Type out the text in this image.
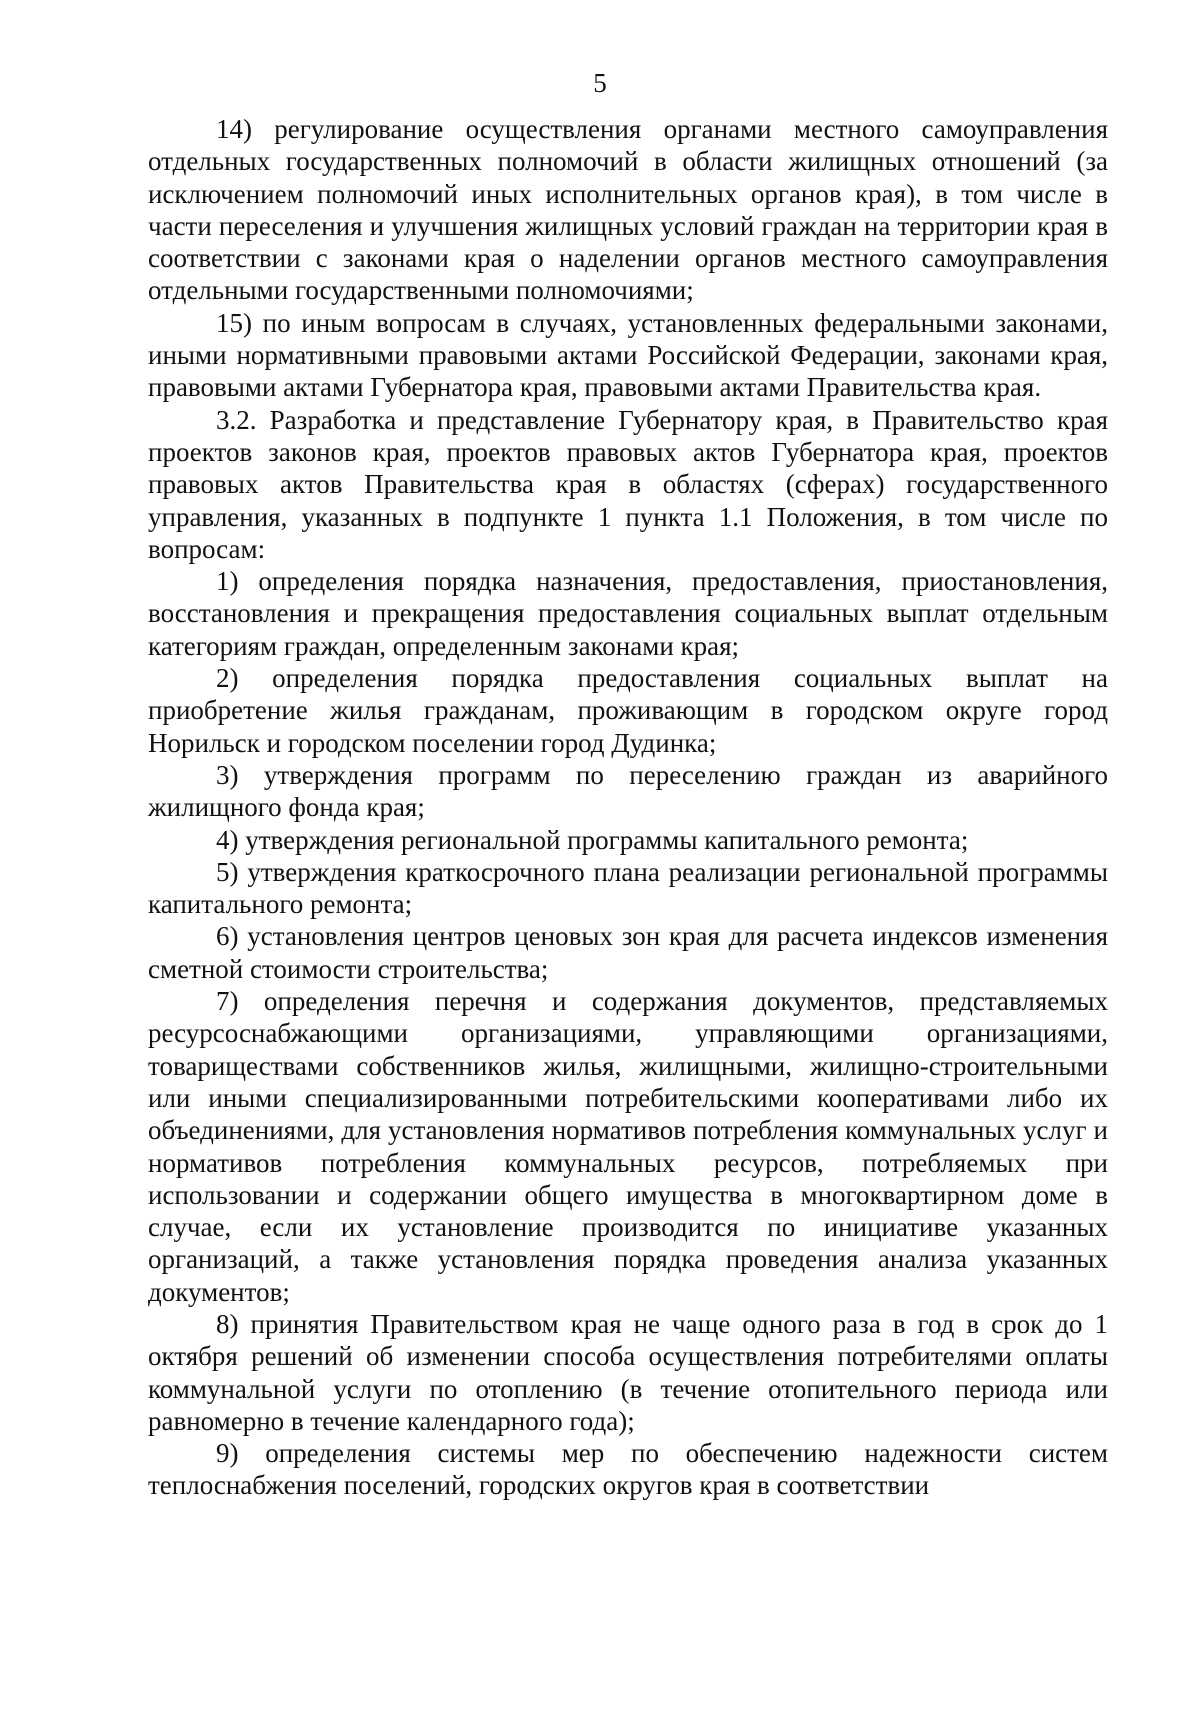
5

14) регулирование осуществления органами местного самоуправления отдельных государственных полномочий в области жилищных отношений (за исключением полномочий иных исполнительных органов края), в том числе в части переселения и улучшения жилищных условий граждан на территории края в соответствии с законами края о наделении органов местного самоуправления отдельными государственными полномочиями;

15) по иным вопросам в случаях, установленных федеральными законами, иными нормативными правовыми актами Российской Федерации, законами края, правовыми актами Губернатора края, правовыми актами Правительства края.

3.2. Разработка и представление Губернатору края, в Правительство края проектов законов края, проектов правовых актов Губернатора края, проектов правовых актов Правительства края в областях (сферах) государственного управления, указанных в подпункте 1 пункта 1.1 Положения, в том числе по вопросам:

1) определения порядка назначения, предоставления, приостановления, восстановления и прекращения предоставления социальных выплат отдельным категориям граждан, определенным законами края;

2) определения порядка предоставления социальных выплат на приобретение жилья гражданам, проживающим в городском округе город Норильск и городском поселении город Дудинка;

3) утверждения программ по переселению граждан из аварийного жилищного фонда края;

4) утверждения региональной программы капитального ремонта;

5) утверждения краткосрочного плана реализации региональной программы капитального ремонта;

6) установления центров ценовых зон края для расчета индексов изменения сметной стоимости строительства;

7) определения перечня и содержания документов, представляемых ресурсоснабжающими организациями, управляющими организациями, товариществами собственников жилья, жилищными, жилищно-строительными или иными специализированными потребительскими кооперативами либо их объединениями, для установления нормативов потребления коммунальных услуг и нормативов потребления коммунальных ресурсов, потребляемых при использовании и содержании общего имущества в многоквартирном доме в случае, если их установление производится по инициативе указанных организаций, а также установления порядка проведения анализа указанных документов;

8) принятия Правительством края не чаще одного раза в год в срок до 1 октября решений об изменении способа осуществления потребителями оплаты коммунальной услуги по отоплению (в течение отопительного периода или равномерно в течение календарного года);

9) определения системы мер по обеспечению надежности систем теплоснабжения поселений, городских округов края в соответствии
